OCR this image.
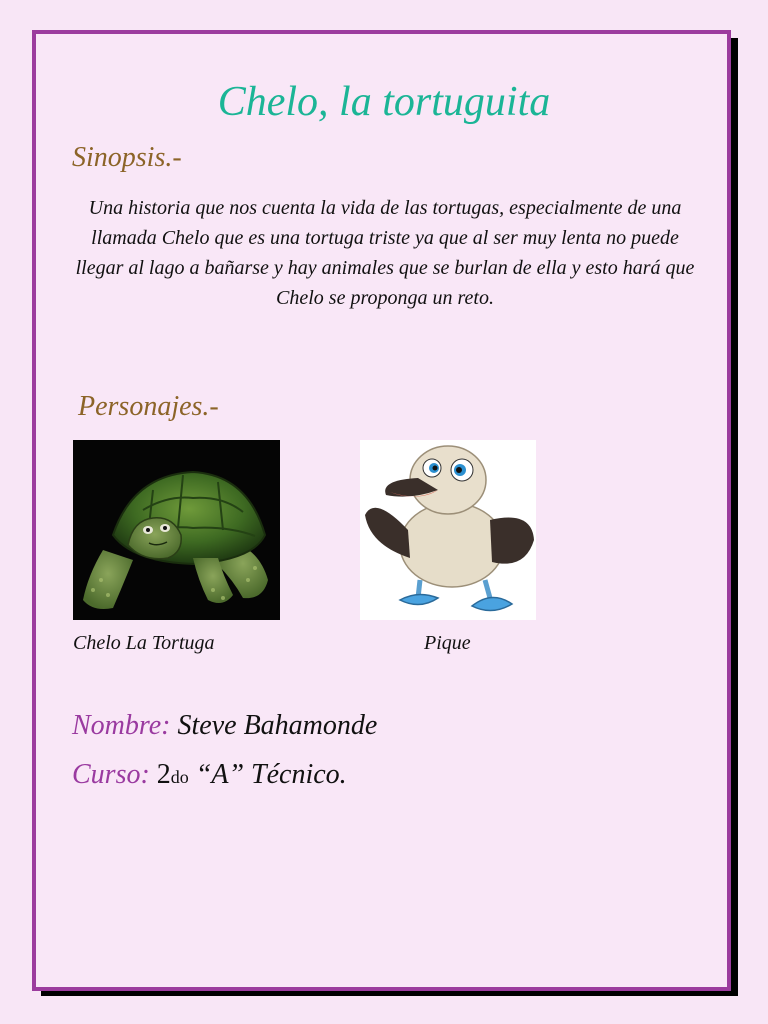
Chelo, la tortuguita
Sinopsis.-

Una historia que nos cuenta la vida de las tortugas, especialmente de una llamada Chelo que es una tortuga triste ya que al ser muy lenta no puede llegar al lago a bañarse y hay animales que se burlan de ella y esto hará que Chelo se proponga un reto.

Personajes.-

Chelo La Tortuga	Pique

Nombre: Steve Bahamonde

Curso: 2do “A” Técnico.
